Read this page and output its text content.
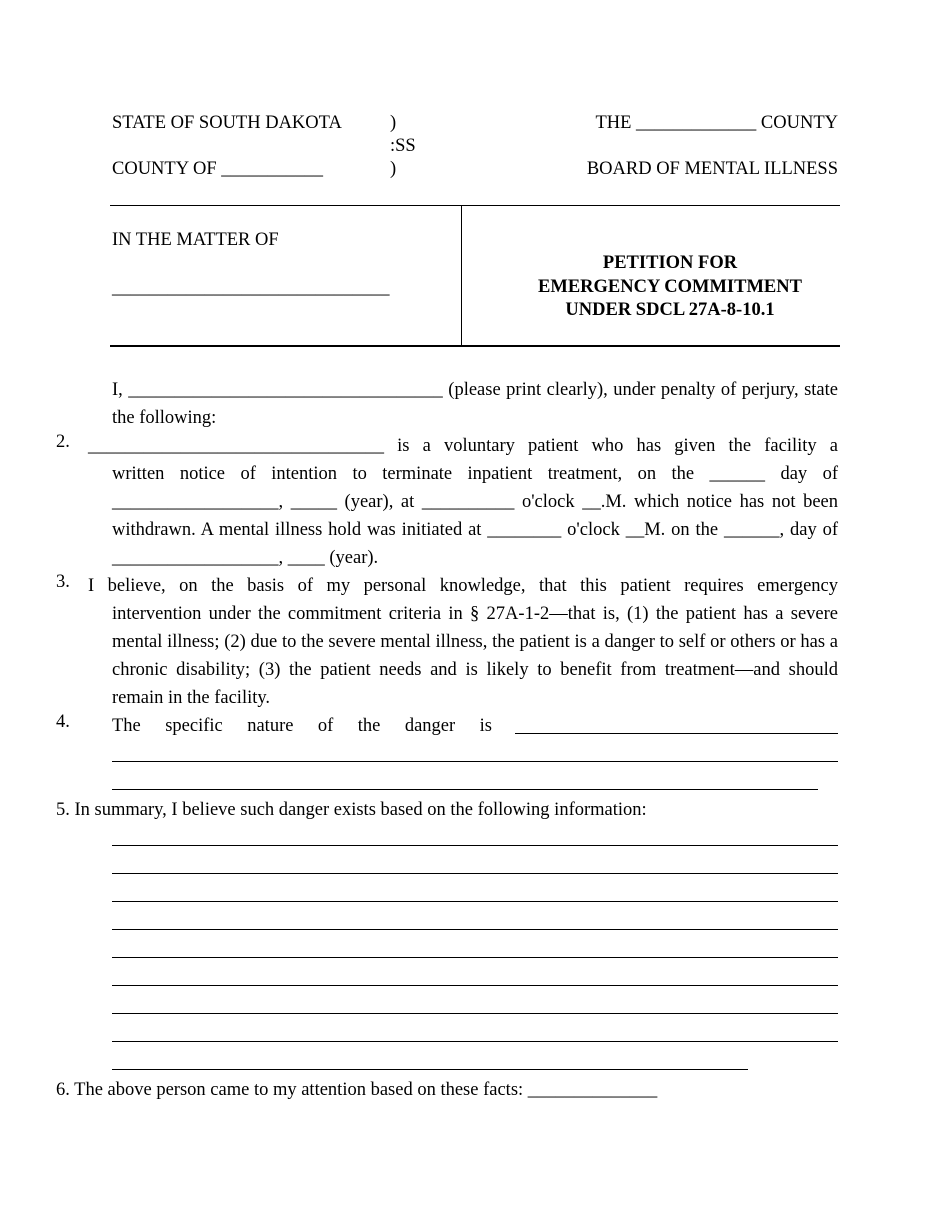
STATE OF SOUTH DAKOTA
COUNTY OF ___________
)
:SS
)
THE _____________ COUNTY
BOARD OF MENTAL ILLNESS
IN THE MATTER OF
______________________________
PETITION FOR
EMERGENCY COMMITMENT
UNDER SDCL 27A-8-10.1
I, __________________________________ (please print clearly), under penalty of perjury, state the following:
2. ________________________________ is a voluntary patient who has given the facility a
written notice of intention to terminate inpatient treatment, on the ______ day of __________________, _____ (year), at __________ o'clock __.M. which notice has not been withdrawn. A mental illness hold was initiated at ________ o'clock __M. on the ______, day of __________________, ____ (year).
3. I believe, on the basis of my personal knowledge, that this patient requires emergency
intervention under the commitment criteria in § 27A-1-2—that is, (1) the patient has a severe mental illness; (2) due to the severe mental illness, the patient is a danger to self or others or has a chronic disability; (3) the patient needs and is likely to benefit from treatment—and should remain in the facility.
4. The specific nature of the danger is
5. In summary, I believe such danger exists based on the following information:
6. The above person came to my attention based on these facts: ______________
